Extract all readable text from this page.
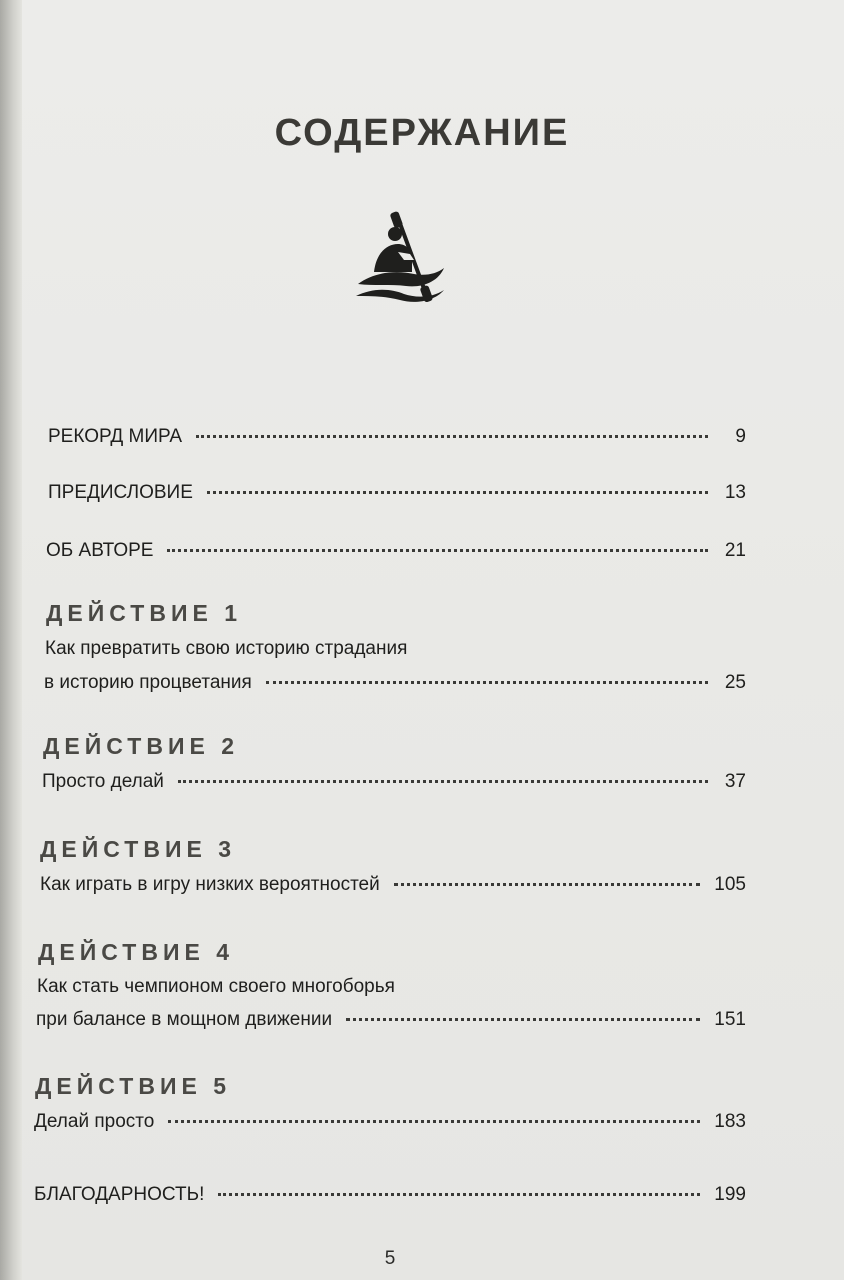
СОДЕРЖАНИЕ
РЕКОРД МИРА	9
ПРЕДИСЛОВИЕ	13
ОБ АВТОРЕ	21
ДЕЙСТВИЕ 1
Как превратить свою историю страдания
в историю процветания	25
ДЕЙСТВИЕ 2
Просто делай	37
ДЕЙСТВИЕ 3
Как играть в игру низких вероятностей	105
ДЕЙСТВИЕ 4
Как стать чемпионом своего многоборья
при балансе в мощном движении	151
ДЕЙСТВИЕ 5
Делай просто	183
БЛАГОДАРНОСТЬ!	199
5
